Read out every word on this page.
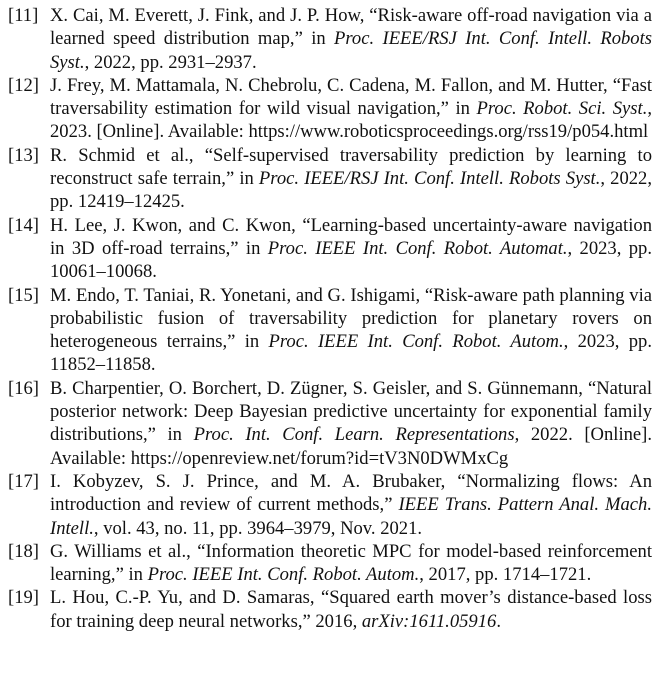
[11] X. Cai, M. Everett, J. Fink, and J. P. How, “Risk-aware off-road navigation via a learned speed distribution map,” in Proc. IEEE/RSJ Int. Conf. Intell. Robots Syst., 2022, pp. 2931–2937.
[12] J. Frey, M. Mattamala, N. Chebrolu, C. Cadena, M. Fallon, and M. Hutter, “Fast traversability estimation for wild visual navigation,” in Proc. Robot. Sci. Syst., 2023. [Online]. Available: https://www.roboticsproceedings.org/rss19/p054.html
[13] R. Schmid et al., “Self-supervised traversability prediction by learning to reconstruct safe terrain,” in Proc. IEEE/RSJ Int. Conf. Intell. Robots Syst., 2022, pp. 12419–12425.
[14] H. Lee, J. Kwon, and C. Kwon, “Learning-based uncertainty-aware navigation in 3D off-road terrains,” in Proc. IEEE Int. Conf. Robot. Automat., 2023, pp. 10061–10068.
[15] M. Endo, T. Taniai, R. Yonetani, and G. Ishigami, “Risk-aware path planning via probabilistic fusion of traversability prediction for planetary rovers on heterogeneous terrains,” in Proc. IEEE Int. Conf. Robot. Autom., 2023, pp. 11852–11858.
[16] B. Charpentier, O. Borchert, D. Zügner, S. Geisler, and S. Günnemann, “Natural posterior network: Deep Bayesian predictive uncertainty for exponential family distributions,” in Proc. Int. Conf. Learn. Representations, 2022. [Online]. Available: https://openreview.net/forum?id=tV3N0DWMxCg
[17] I. Kobyzev, S. J. Prince, and M. A. Brubaker, “Normalizing flows: An introduction and review of current methods,” IEEE Trans. Pattern Anal. Mach. Intell., vol. 43, no. 11, pp. 3964–3979, Nov. 2021.
[18] G. Williams et al., “Information theoretic MPC for model-based reinforcement learning,” in Proc. IEEE Int. Conf. Robot. Autom., 2017, pp. 1714–1721.
[19] L. Hou, C.-P. Yu, and D. Samaras, “Squared earth mover’s distance-based loss for training deep neural networks,” 2016, arXiv:1611.05916.
